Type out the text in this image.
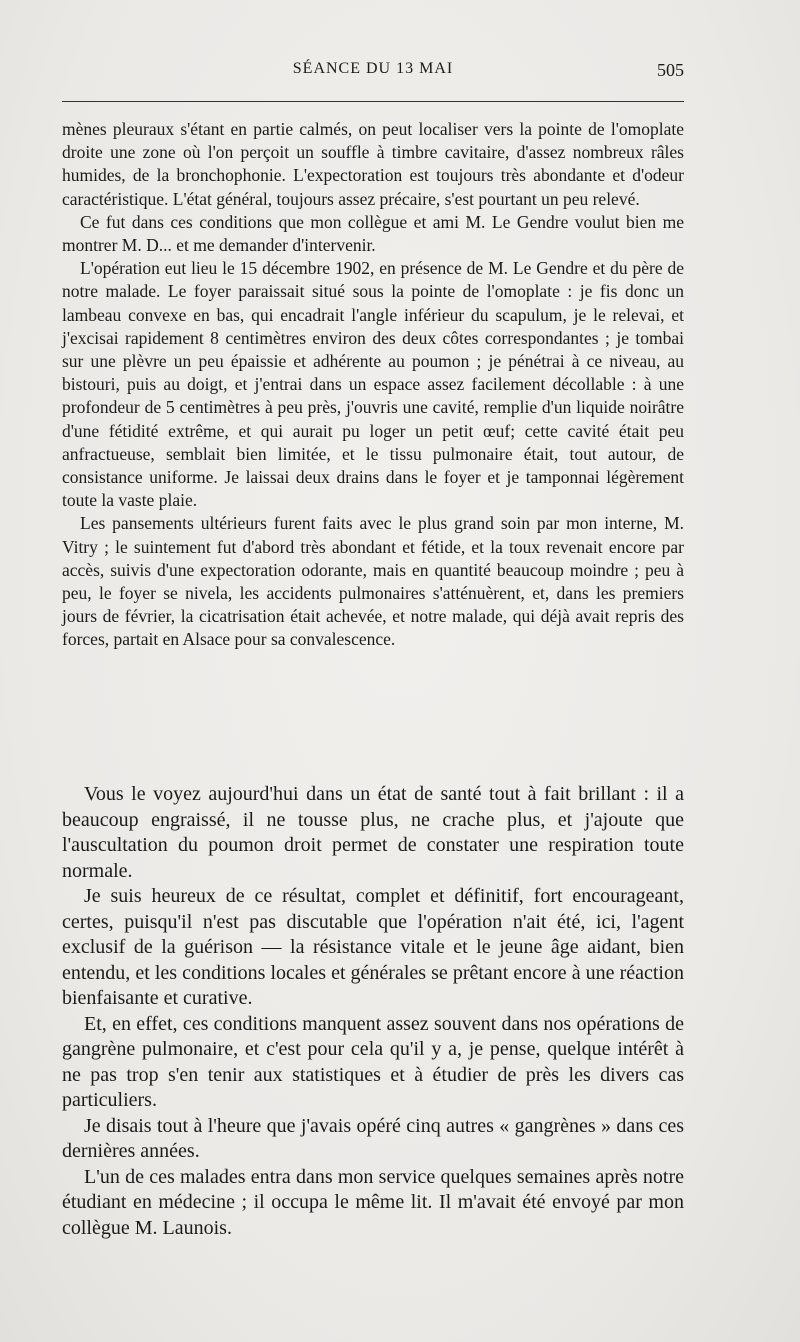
SÉANCE DU 13 MAI	505

mènes pleuraux s'étant en partie calmés, on peut localiser vers la pointe de l'omoplate droite une zone où l'on perçoit un souffle à timbre cavitaire, d'assez nombreux râles humides, de la bronchophonie. L'expectoration est toujours très abondante et d'odeur caractéristique. L'état général, toujours assez précaire, s'est pourtant un peu relevé.

Ce fut dans ces conditions que mon collègue et ami M. Le Gendre voulut bien me montrer M. D... et me demander d'intervenir.

L'opération eut lieu le 15 décembre 1902, en présence de M. Le Gendre et du père de notre malade. Le foyer paraissait situé sous la pointe de l'omoplate : je fis donc un lambeau convexe en bas, qui encadrait l'angle inférieur du scapulum, je le relevai, et j'excisai rapidement 8 centimètres environ des deux côtes correspondantes ; je tombai sur une plèvre un peu épaissie et adhérente au poumon ; je pénétrai à ce niveau, au bistouri, puis au doigt, et j'entrai dans un espace assez facilement décollable : à une profondeur de 5 centimètres à peu près, j'ouvris une cavité, remplie d'un liquide noirâtre d'une fétidité extrême, et qui aurait pu loger un petit œuf; cette cavité était peu anfractueuse, semblait bien limitée, et le tissu pulmonaire était, tout autour, de consistance uniforme. Je laissai deux drains dans le foyer et je tamponnai légèrement toute la vaste plaie.

Les pansements ultérieurs furent faits avec le plus grand soin par mon interne, M. Vitry ; le suintement fut d'abord très abondant et fétide, et la toux revenait encore par accès, suivis d'une expectoration odorante, mais en quantité beaucoup moindre ; peu à peu, le foyer se nivela, les accidents pulmonaires s'atténuèrent, et, dans les premiers jours de février, la cicatrisation était achevée, et notre malade, qui déjà avait repris des forces, partait en Alsace pour sa convalescence.

Vous le voyez aujourd'hui dans un état de santé tout à fait brillant : il a beaucoup engraissé, il ne tousse plus, ne crache plus, et j'ajoute que l'auscultation du poumon droit permet de constater une respiration toute normale.

Je suis heureux de ce résultat, complet et définitif, fort encourageant, certes, puisqu'il n'est pas discutable que l'opération n'ait été, ici, l'agent exclusif de la guérison — la résistance vitale et le jeune âge aidant, bien entendu, et les conditions locales et générales se prêtant encore à une réaction bienfaisante et curative.

Et, en effet, ces conditions manquent assez souvent dans nos opérations de gangrène pulmonaire, et c'est pour cela qu'il y a, je pense, quelque intérêt à ne pas trop s'en tenir aux statistiques et à étudier de près les divers cas particuliers.

Je disais tout à l'heure que j'avais opéré cinq autres « gangrènes » dans ces dernières années.

L'un de ces malades entra dans mon service quelques semaines après notre étudiant en médecine ; il occupa le même lit. Il m'avait été envoyé par mon collègue M. Launois.
